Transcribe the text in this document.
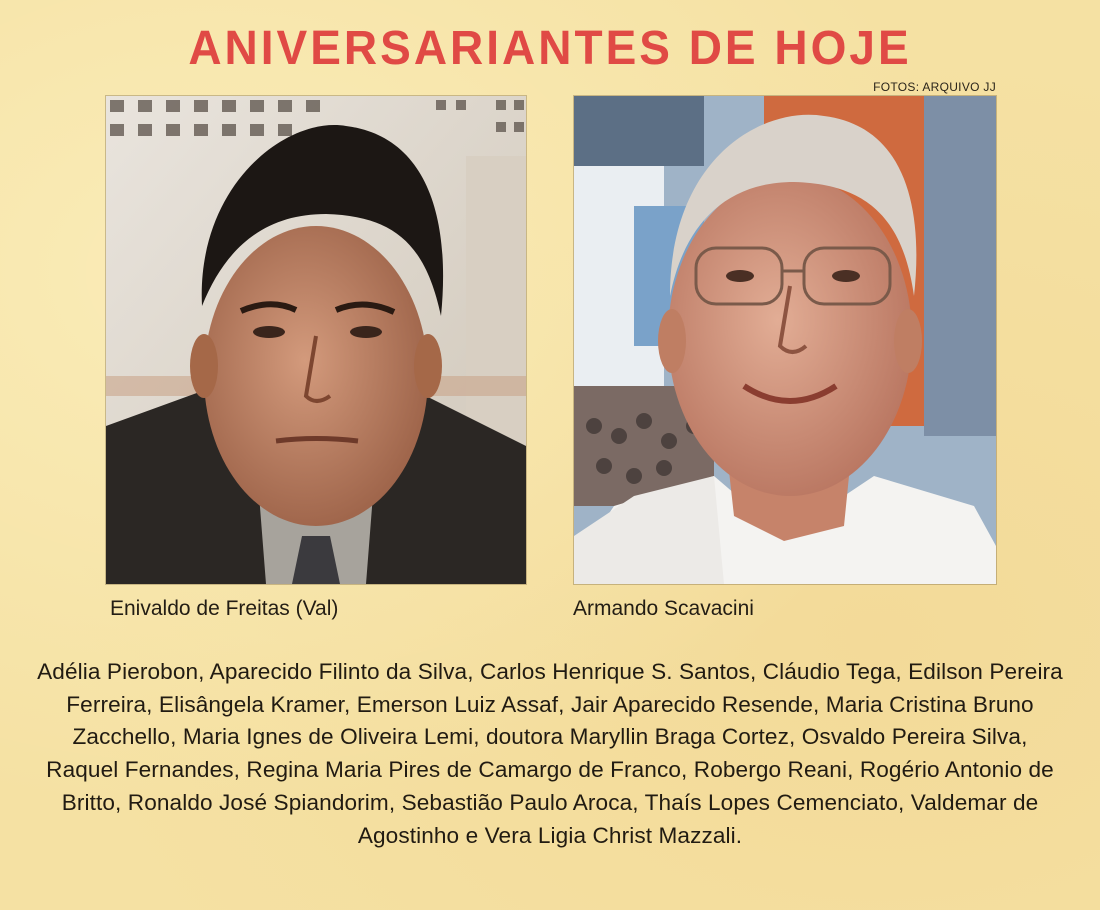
ANIVERSARIANTES DE HOJE
FOTOS: ARQUIVO JJ
Enivaldo de Freitas (Val)	Armando Scavacini
Adélia Pierobon, Aparecido Filinto da Silva, Carlos Henrique S. Santos, Cláudio Tega, Edilson Pereira Ferreira, Elisângela Kramer, Emerson Luiz Assaf, Jair Aparecido Resende, Maria Cristina Bruno Zacchello, Maria Ignes de Oliveira Lemi, doutora Maryllin Braga Cortez, Osvaldo Pereira Silva, Raquel Fernandes, Regina Maria Pires de Camargo de Franco, Robergo Reani, Rogério Antonio de Britto, Ronaldo José Spiandorim, Sebastião Paulo Aroca, Thaís Lopes Cemenciato, Valdemar de Agostinho e Vera Ligia Christ Mazzali.
